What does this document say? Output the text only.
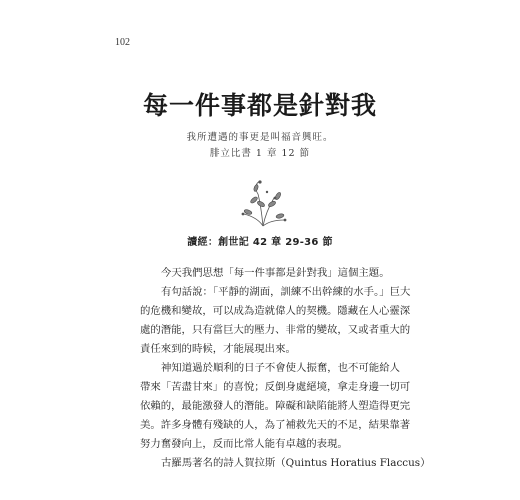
102
每一件事都是針對我
我所遭遇的事更是叫福音興旺。
腓立比書 1 章 12 節
讀經：創世記 42 章 29-36 節
今天我們思想「每一件事都是針對我」這個主題。
有句話說：「平靜的湖面，訓練不出幹練的水手。」巨大
的危機和變故，可以成為造就偉人的契機。隱藏在人心靈深
處的潛能，只有當巨大的壓力、非常的變故，又或者重大的
責任來到的時候，才能展現出來。
神知道過於順利的日子不會使人振奮，也不可能給人
帶來「苦盡甘來」的喜悅；反倒身處絕境，拿走身邊一切可
依賴的，最能激發人的潛能。障礙和缺陷能將人塑造得更完
美。許多身體有殘缺的人，為了補救先天的不足，結果靠著
努力奮發向上，反而比常人能有卓越的表現。
古羅馬著名的詩人賀拉斯（Quintus Horatius Flaccus）
